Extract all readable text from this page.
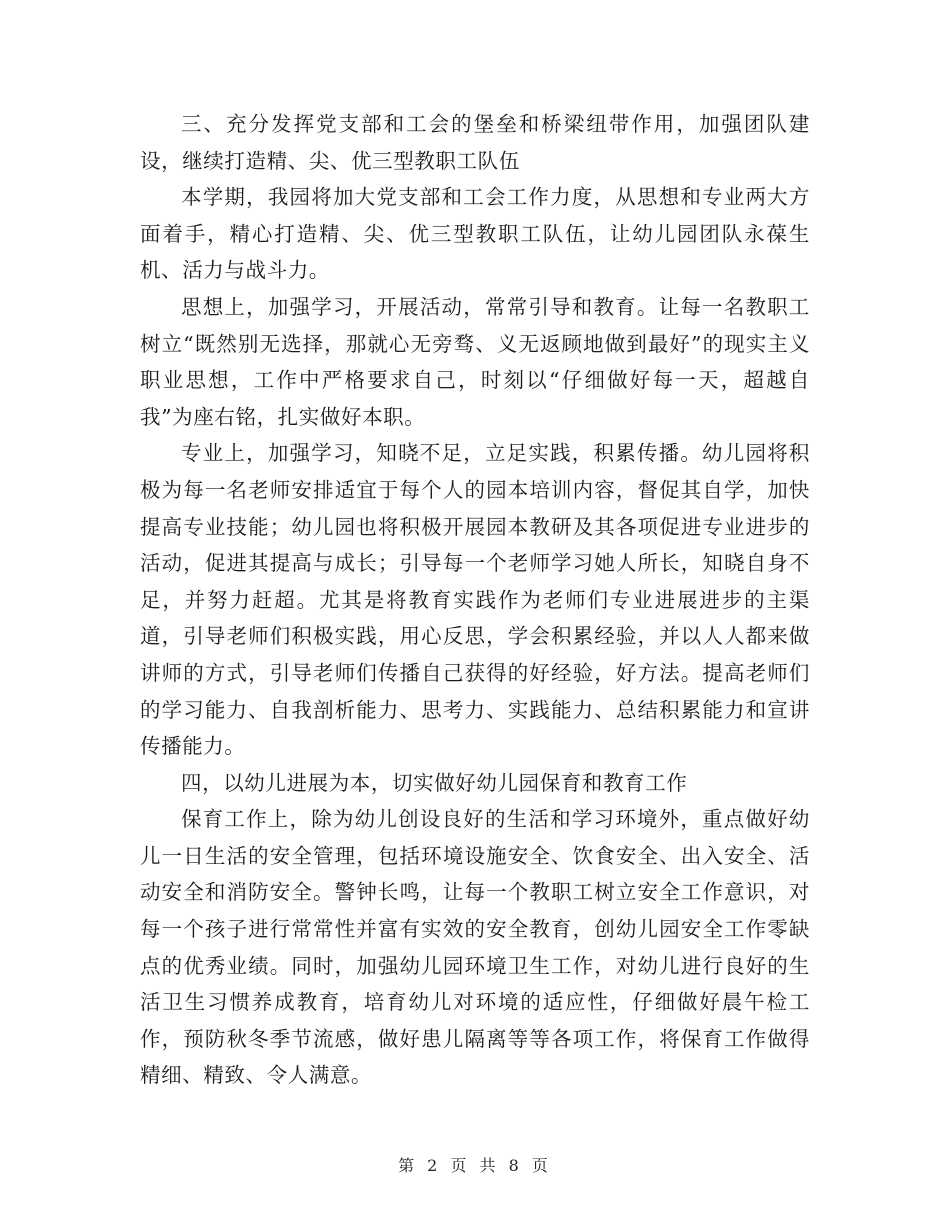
三、充分发挥党支部和工会的堡垒和桥梁纽带作用，加强团队建设，继续打造精、尖、优三型教职工队伍

本学期，我园将加大党支部和工会工作力度，从思想和专业两大方面着手，精心打造精、尖、优三型教职工队伍，让幼儿园团队永葆生机、活力与战斗力。

思想上，加强学习，开展活动，常常引导和教育。让每一名教职工树立“既然别无选择，那就心无旁骛、义无返顾地做到最好”的现实主义职业思想，工作中严格要求自己，时刻以“仔细做好每一天，超越自我”为座右铭，扎实做好本职。

专业上，加强学习，知晓不足，立足实践，积累传播。幼儿园将积极为每一名老师安排适宜于每个人的园本培训内容，督促其自学，加快提高专业技能；幼儿园也将积极开展园本教研及其各项促进专业进步的活动，促进其提高与成长；引导每一个老师学习她人所长，知晓自身不足，并努力赶超。尤其是将教育实践作为老师们专业进展进步的主渠道，引导老师们积极实践，用心反思，学会积累经验，并以人人都来做讲师的方式，引导老师们传播自己获得的好经验，好方法。提高老师们的学习能力、自我剖析能力、思考力、实践能力、总结积累能力和宣讲传播能力。

四，以幼儿进展为本，切实做好幼儿园保育和教育工作

保育工作上，除为幼儿创设良好的生活和学习环境外，重点做好幼儿一日生活的安全管理，包括环境设施安全、饮食安全、出入安全、活动安全和消防安全。警钟长鸣，让每一个教职工树立安全工作意识，对每一个孩子进行常常性并富有实效的安全教育，创幼儿园安全工作零缺点的优秀业绩。同时，加强幼儿园环境卫生工作，对幼儿进行良好的生活卫生习惯养成教育，培育幼儿对环境的适应性，仔细做好晨午检工作，预防秋冬季节流感，做好患儿隔离等等各项工作，将保育工作做得精细、精致、令人满意。

第 2 页 共 8 页
